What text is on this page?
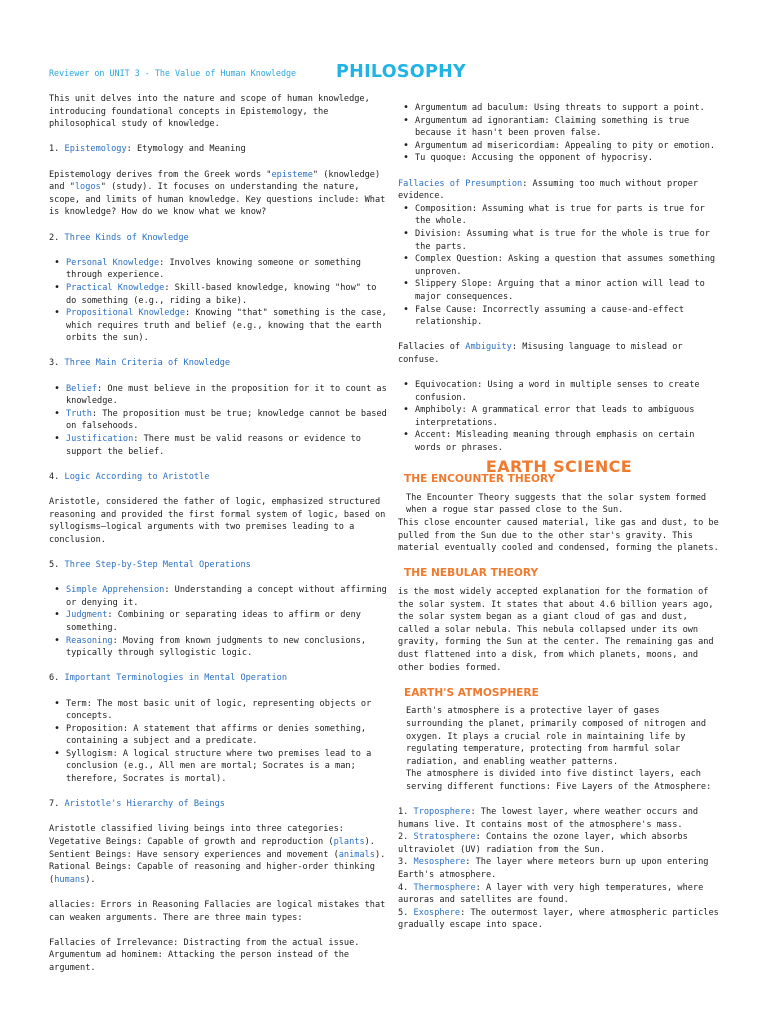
Reviewer on UNIT 3 - The Value of Human Knowledge PHILOSOPHY

This unit delves into the nature and scope of human knowledge, introducing foundational concepts in Epistemology, the philosophical study of knowledge.

1. Epistemology: Etymology and Meaning

Epistemology derives from the Greek words "episteme" (knowledge) and "logos" (study). It focuses on understanding the nature, scope, and limits of human knowledge. Key questions include: What is knowledge? How do we know what we know?

2. Three Kinds of Knowledge

• Personal Knowledge: Involves knowing someone or something through experience.
• Practical Knowledge: Skill-based knowledge, knowing "how" to do something (e.g., riding a bike).
• Propositional Knowledge: Knowing "that" something is the case, which requires truth and belief (e.g., knowing that the earth orbits the sun).

3. Three Main Criteria of Knowledge

• Belief: One must believe in the proposition for it to count as knowledge.
• Truth: The proposition must be true; knowledge cannot be based on falsehoods.
• Justification: There must be valid reasons or evidence to support the belief.

4. Logic According to Aristotle

Aristotle, considered the father of logic, emphasized structured reasoning and provided the first formal system of logic, based on syllogisms—logical arguments with two premises leading to a conclusion.

5. Three Step-by-Step Mental Operations

• Simple Apprehension: Understanding a concept without affirming or denying it.
• Judgment: Combining or separating ideas to affirm or deny something.
• Reasoning: Moving from known judgments to new conclusions, typically through syllogistic logic.

6. Important Terminologies in Mental Operation

• Term: The most basic unit of logic, representing objects or concepts.
• Proposition: A statement that affirms or denies something, containing a subject and a predicate.
• Syllogism: A logical structure where two premises lead to a conclusion (e.g., All men are mortal; Socrates is a man; therefore, Socrates is mortal).

7. Aristotle's Hierarchy of Beings

Aristotle classified living beings into three categories:

Vegetative Beings: Capable of growth and reproduction (plants).

Sentient Beings: Have sensory experiences and movement (animals).

Rational Beings: Capable of reasoning and higher-order thinking (humans).

allacies: Errors in Reasoning Fallacies are logical mistakes that can weaken arguments. There are three main types:

Fallacies of Irrelevance: Distracting from the actual issue.

Argumentum ad hominem: Attacking the person instead of the argument.

• Argumentum ad baculum: Using threats to support a point.
• Argumentum ad ignorantiam: Claiming something is true because it hasn't been proven false.
• Argumentum ad misericordiam: Appealing to pity or emotion.
• Tu quoque: Accusing the opponent of hypocrisy.

Fallacies of Presumption: Assuming too much without proper evidence.

• Composition: Assuming what is true for parts is true for the whole.
• Division: Assuming what is true for the whole is true for the parts.
• Complex Question: Asking a question that assumes something unproven.
• Slippery Slope: Arguing that a minor action will lead to major consequences.
• False Cause: Incorrectly assuming a cause-and-effect relationship.

Fallacies of Ambiguity: Misusing language to mislead or confuse.

• Equivocation: Using a word in multiple senses to create confusion.
• Amphiboly: A grammatical error that leads to ambiguous interpretations.
• Accent: Misleading meaning through emphasis on certain words or phrases.

EARTH SCIENCE

THE ENCOUNTER THEORY

The Encounter Theory suggests that the solar system formed when a rogue star passed close to the Sun.

This close encounter caused material, like gas and dust, to be pulled from the Sun due to the other star's gravity. This material eventually cooled and condensed, forming the planets.

THE NEBULAR THEORY

is the most widely accepted explanation for the formation of the solar system. It states that about 4.6 billion years ago, the solar system began as a giant cloud of gas and dust, called a solar nebula. This nebula collapsed under its own gravity, forming the Sun at the center. The remaining gas and dust flattened into a disk, from which planets, moons, and other bodies formed.

EARTH'S ATMOSPHERE

Earth's atmosphere is a protective layer of gases surrounding the planet, primarily composed of nitrogen and oxygen. It plays a crucial role in maintaining life by regulating temperature, protecting from harmful solar radiation, and enabling weather patterns.

The atmosphere is divided into five distinct layers, each serving different functions: Five Layers of the Atmosphere:

1. Troposphere: The lowest layer, where weather occurs and humans live. It contains most of the atmosphere's mass.

2. Stratosphere: Contains the ozone layer, which absorbs ultraviolet (UV) radiation from the Sun.

3. Mesosphere: The layer where meteors burn up upon entering Earth's atmosphere.

4. Thermosphere: A layer with very high temperatures, where auroras and satellites are found.

5. Exosphere: The outermost layer, where atmospheric particles gradually escape into space.
